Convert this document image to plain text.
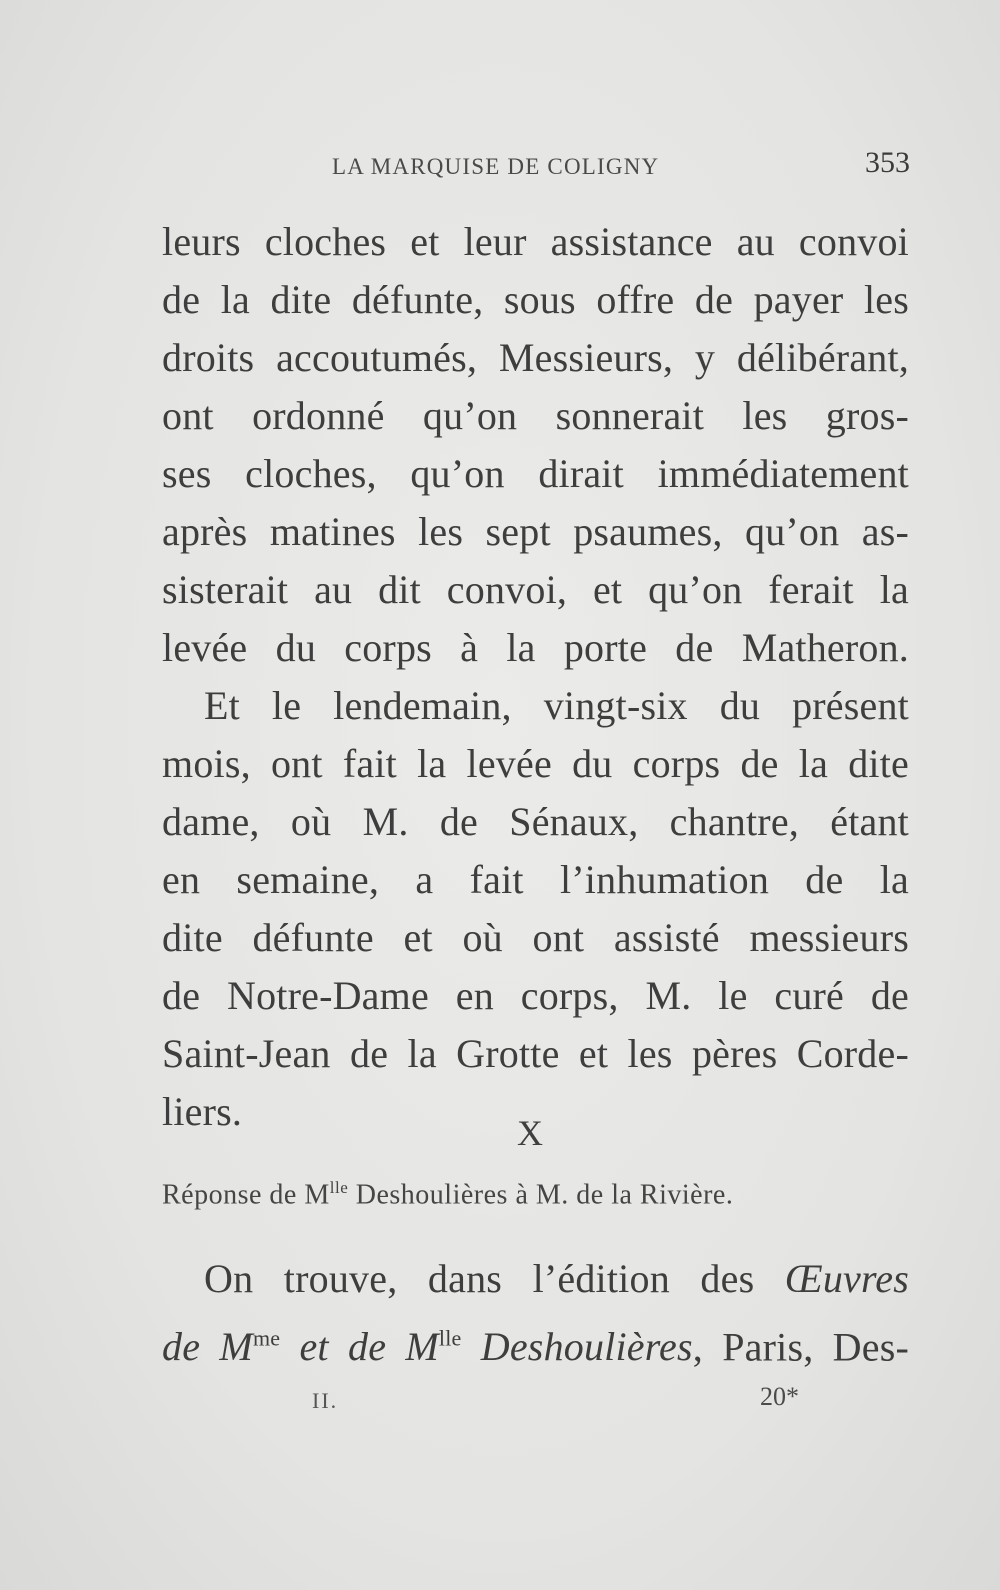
LA MARQUISE DE COLIGNY	353
leurs cloches et leur assistance au convoi
de la dite défunte, sous offre de payer les
droits accoutumés, Messieurs, y délibérant,
ont ordonné qu’on sonnerait les gros-
ses cloches, qu’on dirait immédiatement
après matines les sept psaumes, qu’on as-
sisterait au dit convoi, et qu’on ferait la
levée du corps à la porte de Matheron.
Et le lendemain, vingt-six du présent
mois, ont fait la levée du corps de la dite
dame, où M. de Sénaux, chantre, étant
en semaine, a fait l’inhumation de la
dite défunte et où ont assisté messieurs
de Notre-Dame en corps, M. le curé de
Saint-Jean de la Grotte et les pères Corde-
liers.	X
Réponse de $M^{lle}$ Deshoulières à M. de la Rivière.
On trouve, dans l’édition des Œuvres
de $M^{me}$ et de $M^{lle}$ Deshoulières, Paris, Des-
II.	20*
